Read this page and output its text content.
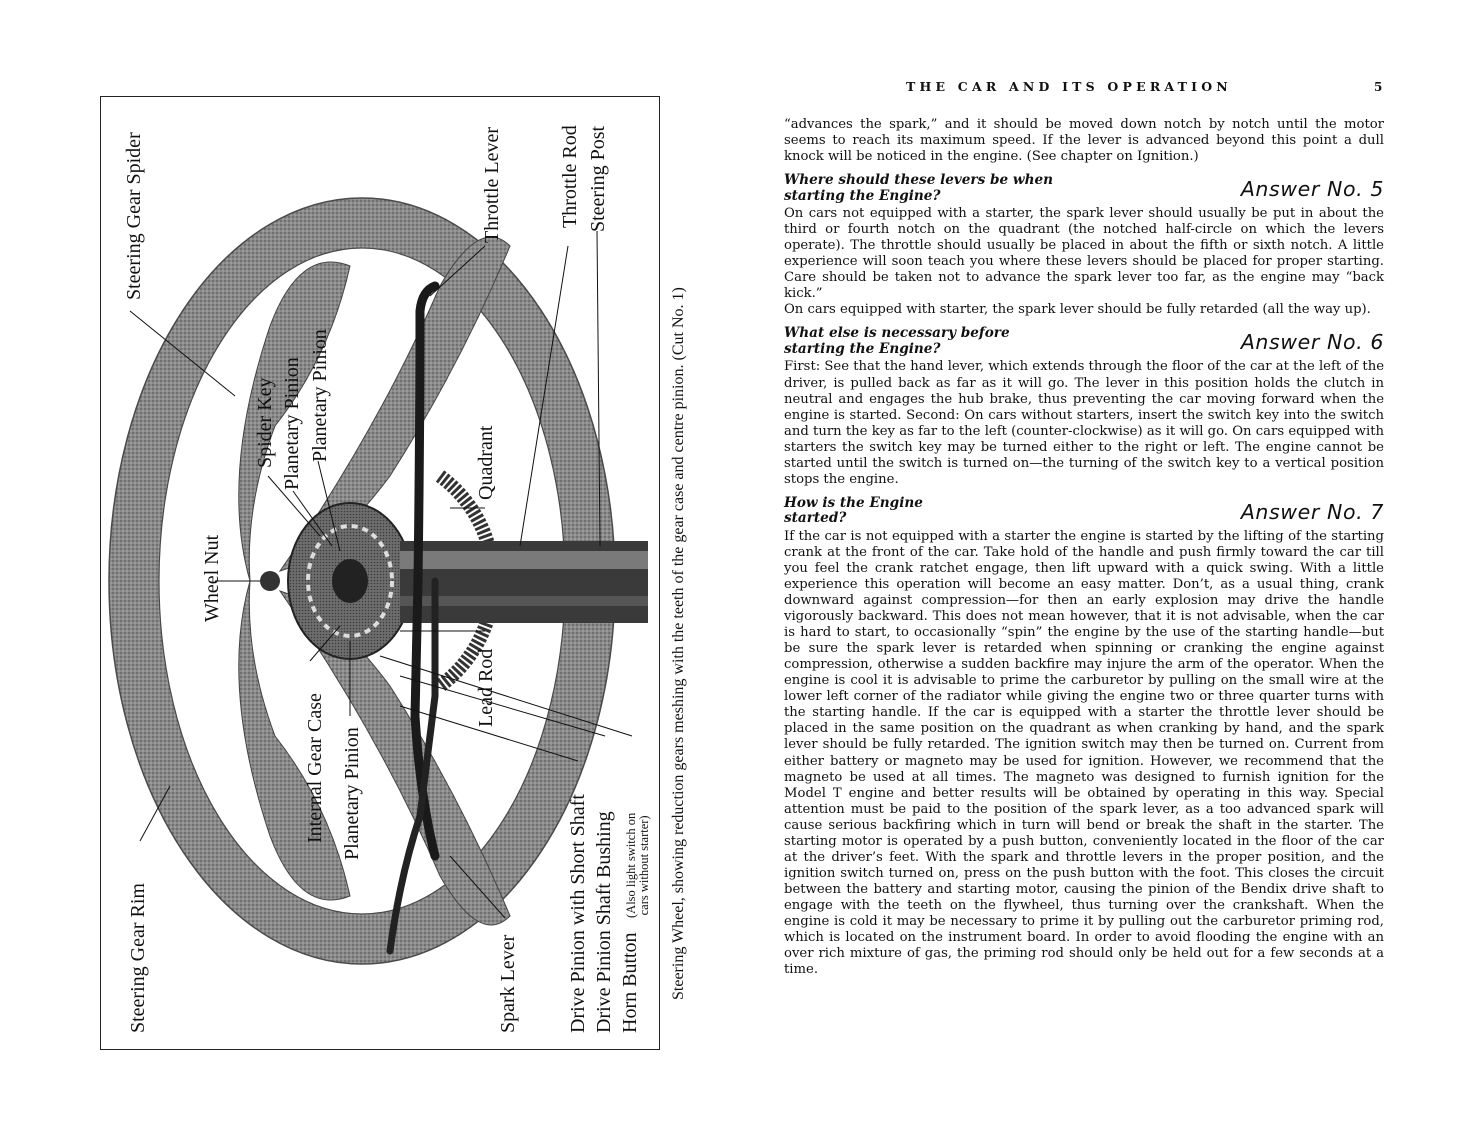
Steering Gear Spider	Throttle Lever	Throttle Rod Steering Post
Spider Key Planetary Pinion Planetary Pinion
Quadrant
Wheel Nut
Lead Rod
Internal Gear Case Planetary Pinion
Steering Gear Rim	Spark Lever Drive Pinion with Short Shaft Drive Pinion Shaft Bushing Horn Button
(Also light switch on cars without starter) Steering Wheel, showing reduction gears meshing with the teeth of the gear case and centre pinion. (Cut No. 1)
THE CAR AND ITS OPERATION	5

“advances the spark,” and it should be moved down notch by notch until the motor seems to reach its maximum speed. If the lever is advanced beyond this point a dull knock will be noticed in the engine. (See chapter on Ignition.)

Where should these levers be when
starting the Engine?	Answer No. 5

On cars not equipped with a starter, the spark lever should usually be put in about the third or fourth notch on the quadrant (the notched half-circle on which the levers operate). The throttle should usually be placed in about the fifth or sixth notch. A little experience will soon teach you where these levers should be placed for proper starting. Care should be taken not to advance the spark lever too far, as the engine may “back kick.”

On cars equipped with starter, the spark lever should be fully retarded (all the way up).

What else is necessary before
starting the Engine?	Answer No. 6

First: See that the hand lever, which extends through the floor of the car at the left of the driver, is pulled back as far as it will go. The lever in this position holds the clutch in neutral and engages the hub brake, thus preventing the car moving forward when the engine is started. Second: On cars without starters, insert the switch key into the switch and turn the key as far to the left (counter-clockwise) as it will go. On cars equipped with starters the switch key may be turned either to the right or left. The engine cannot be started until the switch is turned on—the turning of the switch key to a vertical position stops the engine.

How is the Engine
started?	Answer No. 7

If the car is not equipped with a starter the engine is started by the lifting of the starting crank at the front of the car. Take hold of the handle and push firmly toward the car till you feel the crank ratchet engage, then lift upward with a quick swing. With a little experience this operation will become an easy matter. Don’t, as a usual thing, crank downward against compression—for then an early explosion may drive the handle vigorously backward. This does not mean however, that it is not advisable, when the car is hard to start, to occasionally “spin” the engine by the use of the starting handle—but be sure the spark lever is retarded when spinning or cranking the engine against compression, otherwise a sudden backfire may injure the arm of the operator. When the engine is cool it is advisable to prime the carburetor by pulling on the small wire at the lower left corner of the radiator while giving the engine two or three quarter turns with the starting handle. If the car is equipped with a starter the throttle lever should be placed in the same position on the quadrant as when cranking by hand, and the spark lever should be fully retarded. The ignition switch may then be turned on. Current from either battery or magneto may be used for ignition. However, we recommend that the magneto be used at all times. The magneto was designed to furnish ignition for the Model T engine and better results will be obtained by operating in this way. Special attention must be paid to the position of the spark lever, as a too advanced spark will cause serious backfiring which in turn will bend or break the shaft in the starter. The starting motor is operated by a push button, conveniently located in the floor of the car at the driver’s feet. With the spark and throttle levers in the proper position, and the ignition switch turned on, press on the push button with the foot. This closes the circuit between the battery and starting motor, causing the pinion of the Bendix drive shaft to engage with the teeth on the flywheel, thus turning over the crankshaft. When the engine is cold it may be necessary to prime it by pulling out the carburetor priming rod, which is located on the instrument board. In order to avoid flooding the engine with an over rich mixture of gas, the priming rod should only be held out for a few seconds at a time.
